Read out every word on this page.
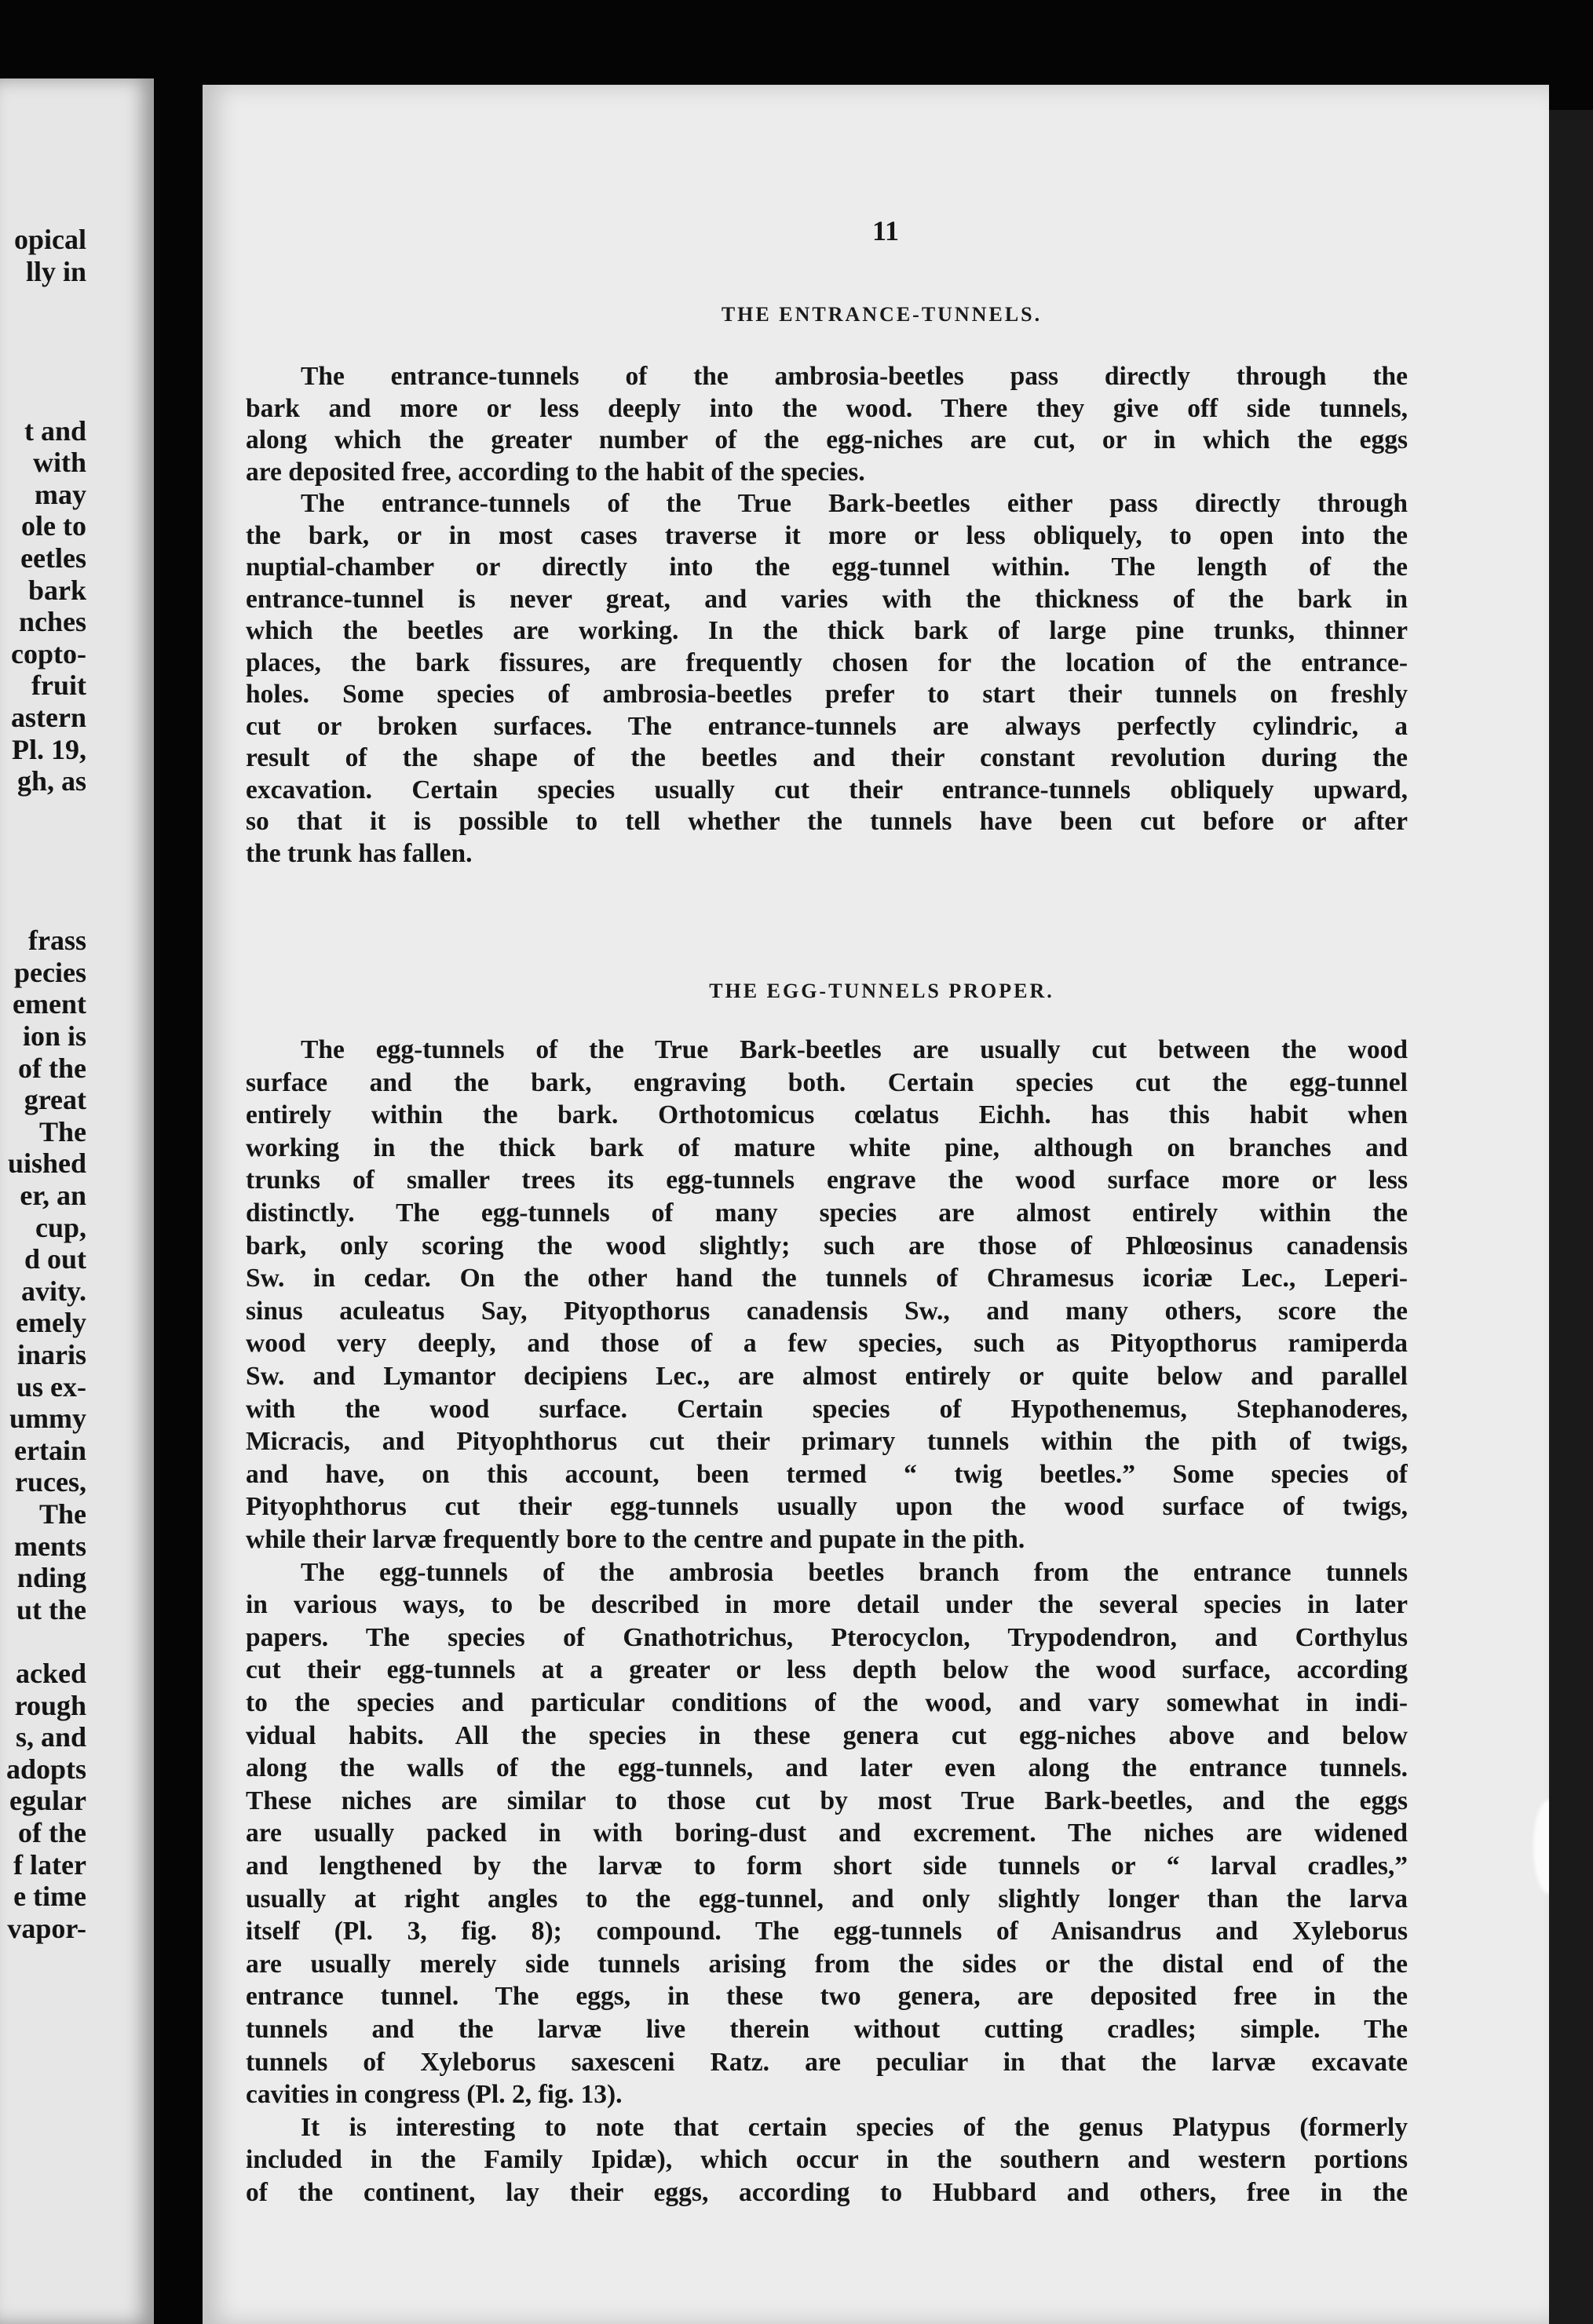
opical
lly in
t and
with
may
ole to
eetles
bark
nches
copto-
fruit
astern
Pl. 19,
gh, as
frass
pecies
ement
ion is
of the
great
The
uished
er, an
cup,
d out
avity.
emely
inaris
us ex-
ummy
ertain
ruces,
The
ments
nding
ut the
acked
rough
s, and
adopts
egular
of the
f later
e time
vapor-
11
THE ENTRANCE-TUNNELS.
THE EGG-TUNNELS PROPER.
The entrance-tunnels of the ambrosia-beetles pass directly through the
bark and more or less deeply into the wood. There they give off side tunnels,
along which the greater number of the egg-niches are cut, or in which the eggs
are deposited free, according to the habit of the species.
The entrance-tunnels of the True Bark-beetles either pass directly through
the bark, or in most cases traverse it more or less obliquely, to open into the
nuptial-chamber or directly into the egg-tunnel within. The length of the
entrance-tunnel is never great, and varies with the thickness of the bark in
which the beetles are working. In the thick bark of large pine trunks, thinner
places, the bark fissures, are frequently chosen for the location of the entrance-
holes. Some species of ambrosia-beetles prefer to start their tunnels on freshly
cut or broken surfaces. The entrance-tunnels are always perfectly cylindric, a
result of the shape of the beetles and their constant revolution during the
excavation. Certain species usually cut their entrance-tunnels obliquely upward,
so that it is possible to tell whether the tunnels have been cut before or after
the trunk has fallen.
The egg-tunnels of the True Bark-beetles are usually cut between the wood
surface and the bark, engraving both. Certain species cut the egg-tunnel
entirely within the bark. Orthotomicus cœlatus Eichh. has this habit when
working in the thick bark of mature white pine, although on branches and
trunks of smaller trees its egg-tunnels engrave the wood surface more or less
distinctly. The egg-tunnels of many species are almost entirely within the
bark, only scoring the wood slightly; such are those of Phlœosinus canadensis
Sw. in cedar. On the other hand the tunnels of Chramesus icoriæ Lec., Leperi-
sinus aculeatus Say, Pityopthorus canadensis Sw., and many others, score the
wood very deeply, and those of a few species, such as Pityopthorus ramiperda
Sw. and Lymantor decipiens Lec., are almost entirely or quite below and parallel
with the wood surface. Certain species of Hypothenemus, Stephanoderes,
Micracis, and Pityophthorus cut their primary tunnels within the pith of twigs,
and have, on this account, been termed “ twig beetles.” Some species of
Pityophthorus cut their egg-tunnels usually upon the wood surface of twigs,
while their larvæ frequently bore to the centre and pupate in the pith.
The egg-tunnels of the ambrosia beetles branch from the entrance tunnels
in various ways, to be described in more detail under the several species in later
papers. The species of Gnathotrichus, Pterocyclon, Trypodendron, and Corthylus
cut their egg-tunnels at a greater or less depth below the wood surface, according
to the species and particular conditions of the wood, and vary somewhat in indi-
vidual habits. All the species in these genera cut egg-niches above and below
along the walls of the egg-tunnels, and later even along the entrance tunnels.
These niches are similar to those cut by most True Bark-beetles, and the eggs
are usually packed in with boring-dust and excrement. The niches are widened
and lengthened by the larvæ to form short side tunnels or “ larval cradles,”
usually at right angles to the egg-tunnel, and only slightly longer than the larva
itself (Pl. 3, fig. 8); compound. The egg-tunnels of Anisandrus and Xyleborus
are usually merely side tunnels arising from the sides or the distal end of the
entrance tunnel. The eggs, in these two genera, are deposited free in the
tunnels and the larvæ live therein without cutting cradles; simple. The
tunnels of Xyleborus saxesceni Ratz. are peculiar in that the larvæ excavate
cavities in congress (Pl. 2, fig. 13).
It is interesting to note that certain species of the genus Platypus (formerly
included in the Family Ipidæ), which occur in the southern and western portions
of the continent, lay their eggs, according to Hubbard and others, free in the
